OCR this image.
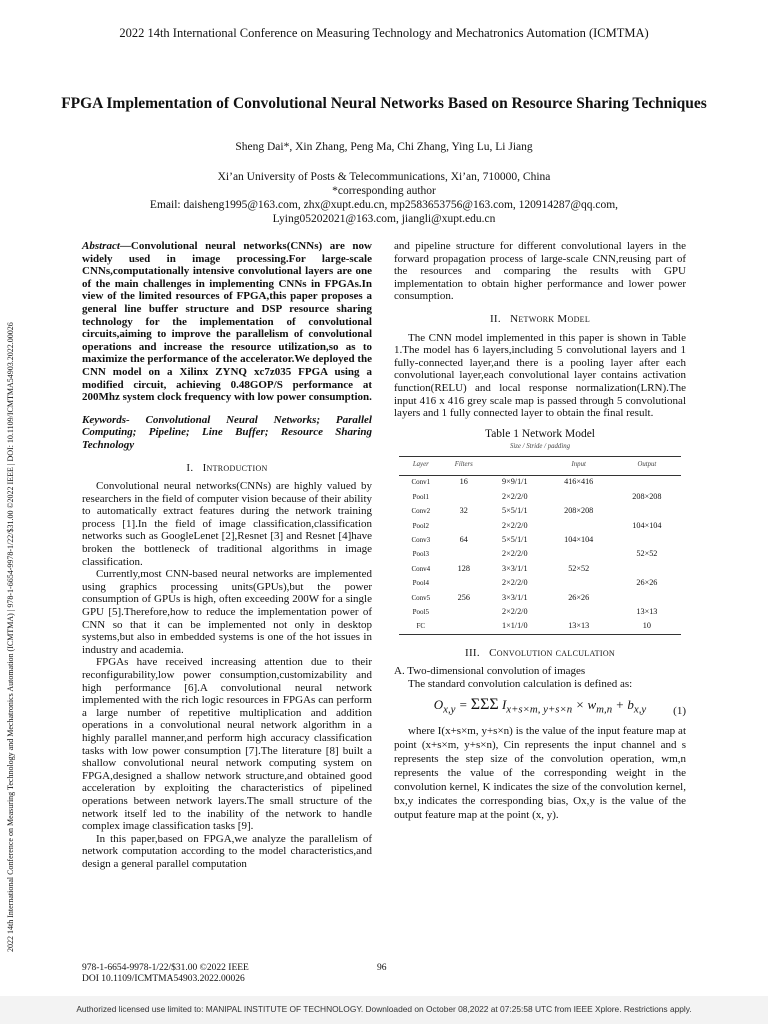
2022 14th International Conference on Measuring Technology and Mechatronics Automation (ICMTMA)
2022 14th International Conference on Measuring Technology and Mechatronics Automation (ICMTMA) | 978-1-6654-9978-1/22/$31.00 ©2022 IEEE | DOI: 10.1109/ICMTMA54903.2022.00026
FPGA Implementation of Convolutional Neural Networks Based on Resource Sharing Techniques
Sheng Dai*, Xin Zhang, Peng Ma, Chi Zhang, Ying Lu, Li Jiang
Xi’an University of Posts & Telecommunications, Xi’an, 710000, China
*corresponding author
Email: daisheng1995@163.com, zhx@xupt.edu.cn, mp2583653756@163.com, 120914287@qq.com,
Lying05202021@163.com, jiangli@xupt.edu.cn

Abstract—Convolutional neural networks(CNNs) are now widely used in image processing.For large-scale CNNs,computationally intensive convolutional layers are one of the main challenges in implementing CNNs in FPGAs.In view of the limited resources of FPGA,this paper proposes a general line buffer structure and DSP resource sharing technology for the implementation of convolutional circuits,aiming to improve the parallelism of convolutional operations and increase the resource utilization,so as to maximize the performance of the accelerator.We deployed the CNN model on a Xilinx ZYNQ xc7z035 FPGA using a modified circuit, achieving 0.48GOP/S performance at 200Mhz system clock frequency with low power consumption.

Keywords- Convolutional Neural Networks; Parallel Computing; Pipeline; Line Buffer; Resource Sharing Technology

I. Introduction

Convolutional neural networks(CNNs) are highly valued by researchers in the field of computer vision because of their ability to automatically extract features during the network training process [1].In the field of image classification,classification networks such as GoogleLenet [2],Resnet [3] and Resnet [4]have broken the bottleneck of traditional algorithms in image classification.

Currently,most CNN-based neural networks are implemented using graphics processing units(GPUs),but the power consumption of GPUs is high, often exceeding 200W for a single GPU [5].Therefore,how to reduce the implementation power of CNN so that it can be implemented not only in desktop systems,but also in embedded systems is one of the hot issues in industry and academia.

FPGAs have received increasing attention due to their reconfigurability,low power consumption,customizability and high performance [6].A convolutional neural network implemented with the rich logic resources in FPGAs can perform a large number of repetitive multiplication and addition operations in a convolutional neural network algorithm in a highly parallel manner,and perform high accuracy classification tasks with low power consumption [7].The literature [8] built a shallow convolutional neural network computing system on FPGA,designed a shallow network structure,and obtained good acceleration by exploiting the characteristics of pipelined operations between network layers.The small structure of the network itself led to the inability of the network to handle complex image classification tasks [9].

In this paper,based on FPGA,we analyze the parallelism of network computation according to the model characteristics,and design a general parallel computation

and pipeline structure for different convolutional layers in the forward propagation process of large-scale CNN,reusing part of the resources and comparing the results with GPU implementation to obtain higher performance and lower power consumption.

II. Network Model

The CNN model implemented in this paper is shown in Table 1.The model has 6 layers,including 5 convolutional layers and 1 fully-connected layer,and there is a pooling layer after each convolutional layer,each convolutional layer contains activation function(RELU) and local response normalization(LRN).The input 416 x 416 grey scale map is passed through 5 convolutional layers and 1 fully connected layer to obtain the final result.

Table 1 Network Model
Size / Stride / padding				
Layer	Filters		Input	Output
Conv1	16	9×9/1/1	416×416	
Pool1		2×2/2/0		208×208
Conv2	32	5×5/1/1	208×208	
Pool2		2×2/2/0		104×104
Conv3	64	5×5/1/1	104×104	
Pool3		2×2/2/0		52×52
Conv4	128	3×3/1/1	52×52	
Pool4		2×2/2/0		26×26
Conv5	256	3×3/1/1	26×26	
Pool5		2×2/2/0		13×13
FC		1×1/1/0	13×13	10
III. Convolution calculation

A. Two-dimensional convolution of images

The standard convolution calculation is defined as:

$O_{x,y} = \Sigma\Sigma\Sigma$ $I_{x+s\times m, y+s\times n} \times w_{m,n} + b_{x,y}$ (1)

where I(x+s×m, y+s×n) is the value of the input feature map at point (x+s×m, y+s×n), Cin represents the input channel and s represents the step size of the convolution operation, wm,n represents the value of the corresponding weight in the convolution kernel, K indicates the size of the convolution kernel, bx,y indicates the corresponding bias, Ox,y is the value of the output feature map at the point (x, y).

978-1-6654-9978-1/22/$31.00 ©2022 IEEE
DOI 10.1109/ICMTMA54903.2022.00026
96
Authorized licensed use limited to: MANIPAL INSTITUTE OF TECHNOLOGY. Downloaded on October 08,2022 at 07:25:58 UTC from IEEE Xplore. Restrictions apply.
